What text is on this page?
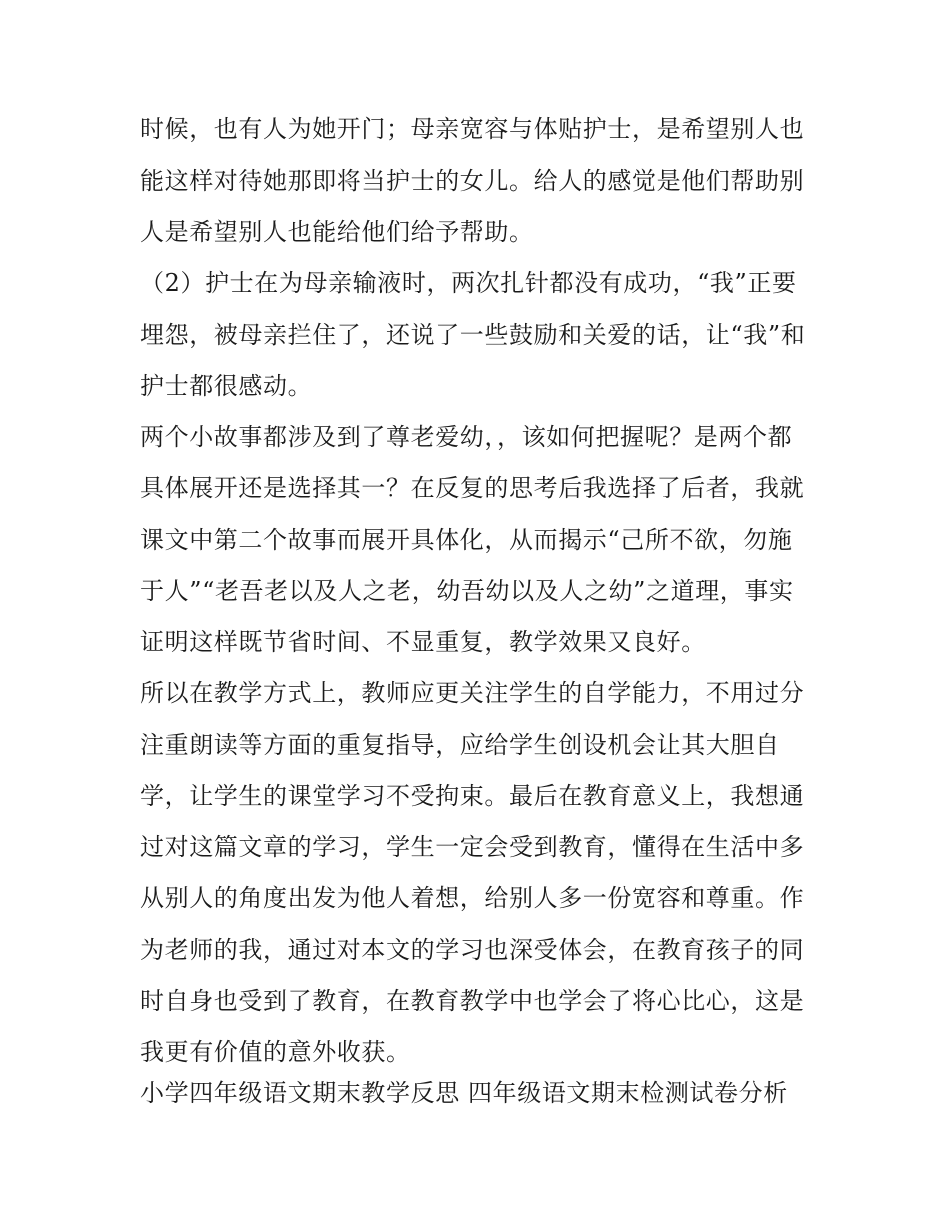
时候，也有人为她开门；母亲宽容与体贴护士，是希望别人也
能这样对待她那即将当护士的女儿。给人的感觉是他们帮助别
人是希望别人也能给他们给予帮助。
（2）护士在为母亲输液时，两次扎针都没有成功，“我”正要
埋怨，被母亲拦住了，还说了一些鼓励和关爱的话，让“我”和
护士都很感动。
两个小故事都涉及到了尊老爱幼，，该如何把握呢？是两个都
具体展开还是选择其一？在反复的思考后我选择了后者，我就
课文中第二个故事而展开具体化，从而揭示“己所不欲，勿施
于人”“老吾老以及人之老，幼吾幼以及人之幼”之道理，事实
证明这样既节省时间、不显重复，教学效果又良好。
所以在教学方式上，教师应更关注学生的自学能力，不用过分
注重朗读等方面的重复指导，应给学生创设机会让其大胆自
学，让学生的课堂学习不受拘束。最后在教育意义上，我想通
过对这篇文章的学习，学生一定会受到教育，懂得在生活中多
从别人的角度出发为他人着想，给别人多一份宽容和尊重。作
为老师的我，通过对本文的学习也深受体会，在教育孩子的同
时自身也受到了教育，在教育教学中也学会了将心比心，这是
我更有价值的意外收获。
小学四年级语文期末教学反思 四年级语文期末检测试卷分析
